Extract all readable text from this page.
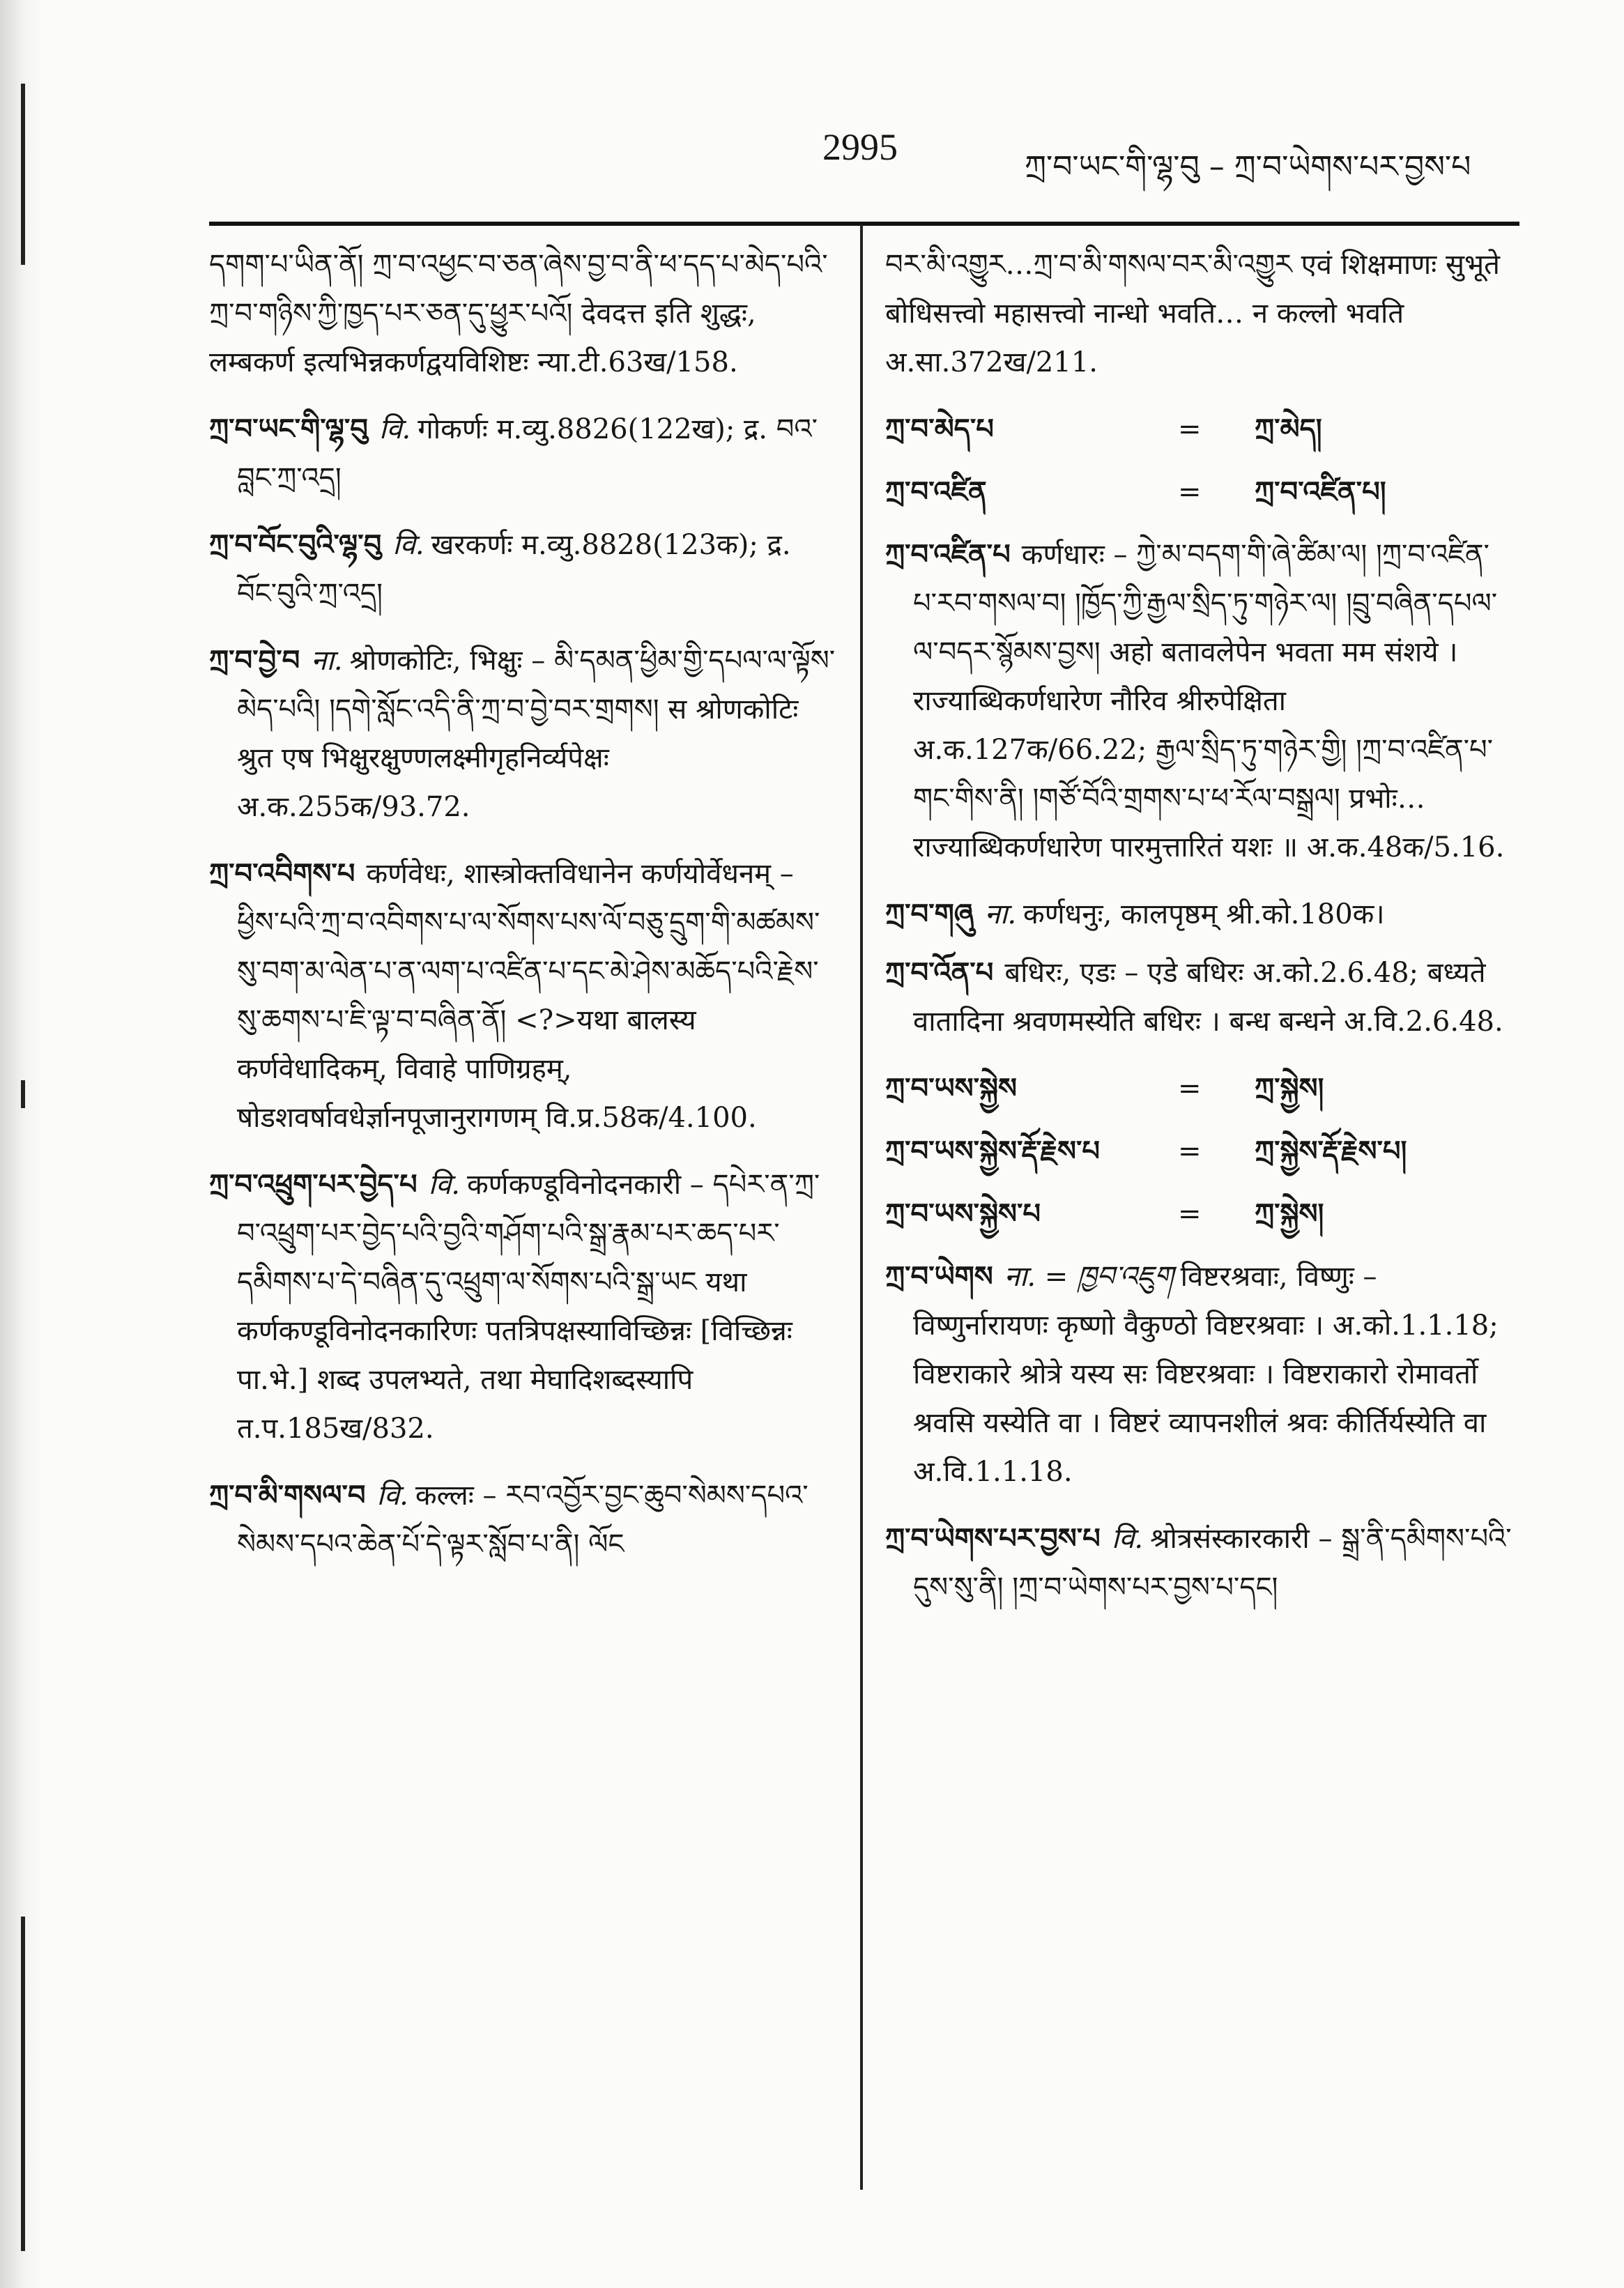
2995	ཀྲ་བ་ཡང་གི་ལྷ་བུ – ཀྲ་བ་ཡེགས་པར་བྱས་པ

དགག་པ་ཡིན་ནོ། ཀྲ་བ་འཕྱང་བ་ཅན་ཞེས་བྱ་བ་ནི་ཕ་དད་པ་མེད་པའི་ཀྲ་བ་གཉིས་ཀྱི་ཁྱད་པར་ཅན་དུ་ཕྱུར་པའོ། देवदत्त इति शुद्धः, लम्बकर्ण इत्यभिन्नकर्णद्वयविशिष्टः न्या.टी.63ख/158.

ཀྲ་བ་ཡང་གི་ལྷ་བུ वि. गोकर्णः म.व्यु.8826(122ख); द्र. བའ་བླང་ཀྲ་འདྲ།

ཀྲ་བ་བོང་བུའི་ལྷ་བུ वि. खरकर्णः म.व्यु.8828(123क); द्र. བོང་བུའི་ཀྲ་འདྲ།

ཀྲ་བ་བྱེ་བ ना. श्रोणकोटिः, भिक्षुः – མི་དམན་ཕྱིམ་གྱི་དཔལ་ལ་ལྟོས་མེད་པའི། །དགེ་སློང་འདི་ནི་ཀྲ་བ་བྱེ་བར་གྲགས། स श्रोणकोटिः श्रुत एष भिक्षुरक्षुण्णलक्ष्मीगृहनिर्व्यपेक्षः अ.क.255क/93.72.

ཀྲ་བ་འབིགས་པ कर्णवेधः, शास्त्रोक्तविधानेन कर्णयोर्वेधनम् – ཕྱིས་པའི་ཀྲ་བ་འབིགས་པ་ལ་སོགས་པས་ལོ་བཅུ་དྲུག་གི་མཚམས་སུ་བག་མ་ལེན་པ་ན་ལག་པ་འཛིན་པ་དང་མེ་ཤེས་མཆོད་པའི་རྗེས་སུ་ཆགས་པ་ཇི་ལྟ་བ་བཞིན་ནོ། <?>यथा बालस्य कर्णवेधादिकम्, विवाहे पाणिग्रहम्, षोडशवर्षावधेर्ज्ञानपूजानुरागणम् वि.प्र.58क/4.100.

ཀྲ་བ་འཕྲུག་པར་བྱེད་པ वि. कर्णकण्डूविनोदनकारी – དཔེར་ན་ཀྲ་བ་འཕྲུག་པར་བྱེད་པའི་བྱའི་གཤོག་པའི་སྒྲ་རྣམ་པར་ཆད་པར་དམིགས་པ་དེ་བཞིན་དུ་འཕྲུག་ལ་སོགས་པའི་སྒྲ་ཡང यथा कर्णकण्डूविनोदनकारिणः पतत्रिपक्षस्याविच्छिन्नः [विच्छिन्नः पा.भे.] शब्द उपलभ्यते, तथा मेघादिशब्दस्यापि त.प.185ख/832.

ཀྲ་བ་མི་གསལ་བ वि. कल्लः – རབ་འབྱོར་བྱང་ཆུབ་སེམས་དཔའ་སེམས་དཔའ་ཆེན་པོ་དེ་ལྟར་སློབ་པ་ནི། ལོང

བར་མི་འགྱུར…ཀྲ་བ་མི་གསལ་བར་མི་འགྱུར एवं शिक्षमाणः सुभूते बोधिसत्त्वो महासत्त्वो नान्धो भवति… न कल्लो भवति अ.सा.372ख/211.

ཀྲ་བ་མེད་པ	=	ཀྲ་མེད།
ཀྲ་བ་འཛིན	=	ཀྲ་བ་འཛིན་པ།

ཀྲ་བ་འཛིན་པ कर्णधारः – ཀྱེ་མ་བདག་གི་ཞེ་ཚིམ་ལ། །ཀྲ་བ་འཛིན་པ་རབ་གསལ་བ། །ཁྱོད་ཀྱི་རྒྱལ་སྲིད་ཏུ་གཉེར་ལ། །བྲུ་བཞིན་དཔལ་ལ་བདར་སྙོམས་བྱས། अहो बतावलेपेन भवता मम संशये । राज्याब्धिकर्णधारेण नौरिव श्रीरुपेक्षिता अ.क.127क/66.22; རྒྱལ་སྲིད་ཏུ་གཉེར་གྱི། །ཀྲ་བ་འཛིན་པ་གང་གིས་ནི། །གཙོ་བོའི་གྲགས་པ་ཕ་རོལ་བསྒྲལ། प्रभोः…राज्याब्धिकर्णधारेण पारमुत्तारितं यशः ॥ अ.क.48क/5.16.

ཀྲ་བ་གཞུ ना. कर्णधनुः, कालपृष्ठम् श्री.को.180क।

ཀྲ་བ་འོན་པ बधिरः, एडः – एडे बधिरः अ.को.2.6.48; बध्यते वातादिना श्रवणमस्येति बधिरः । बन्ध बन्धने अ.वि.2.6.48.

ཀྲ་བ་ཡས་སྐྱེས	=	ཀྲ་སྐྱེས།
ཀྲ་བ་ཡས་སྐྱེས་རྡོ་རྗེས་པ	=	ཀྲ་སྐྱེས་རྡོ་རྗེས་པ།
ཀྲ་བ་ཡས་སྐྱེས་པ	=	ཀྲ་སྐྱེས།

ཀྲ་བ་ཡེགས ना. = ཁྱབ་འཇུག विष्टरश्रवाः, विष्णुः – विष्णुर्नारायणः कृष्णो वैकुण्ठो विष्टरश्रवाः । अ.को.1.1.18; विष्टराकारे श्रोत्रे यस्य सः विष्टरश्रवाः । विष्टराकारो रोमावर्तो श्रवसि यस्येति वा । विष्टरं व्यापनशीलं श्रवः कीर्तिर्यस्येति वा अ.वि.1.1.18.

ཀྲ་བ་ཡེགས་པར་བྱས་པ वि. श्रोत्रसंस्कारकारी – སྒྲ་ནི་དམིགས་པའི་དུས་སུ་ནི། །ཀྲ་བ་ཡེགས་པར་བྱས་པ་དང།
